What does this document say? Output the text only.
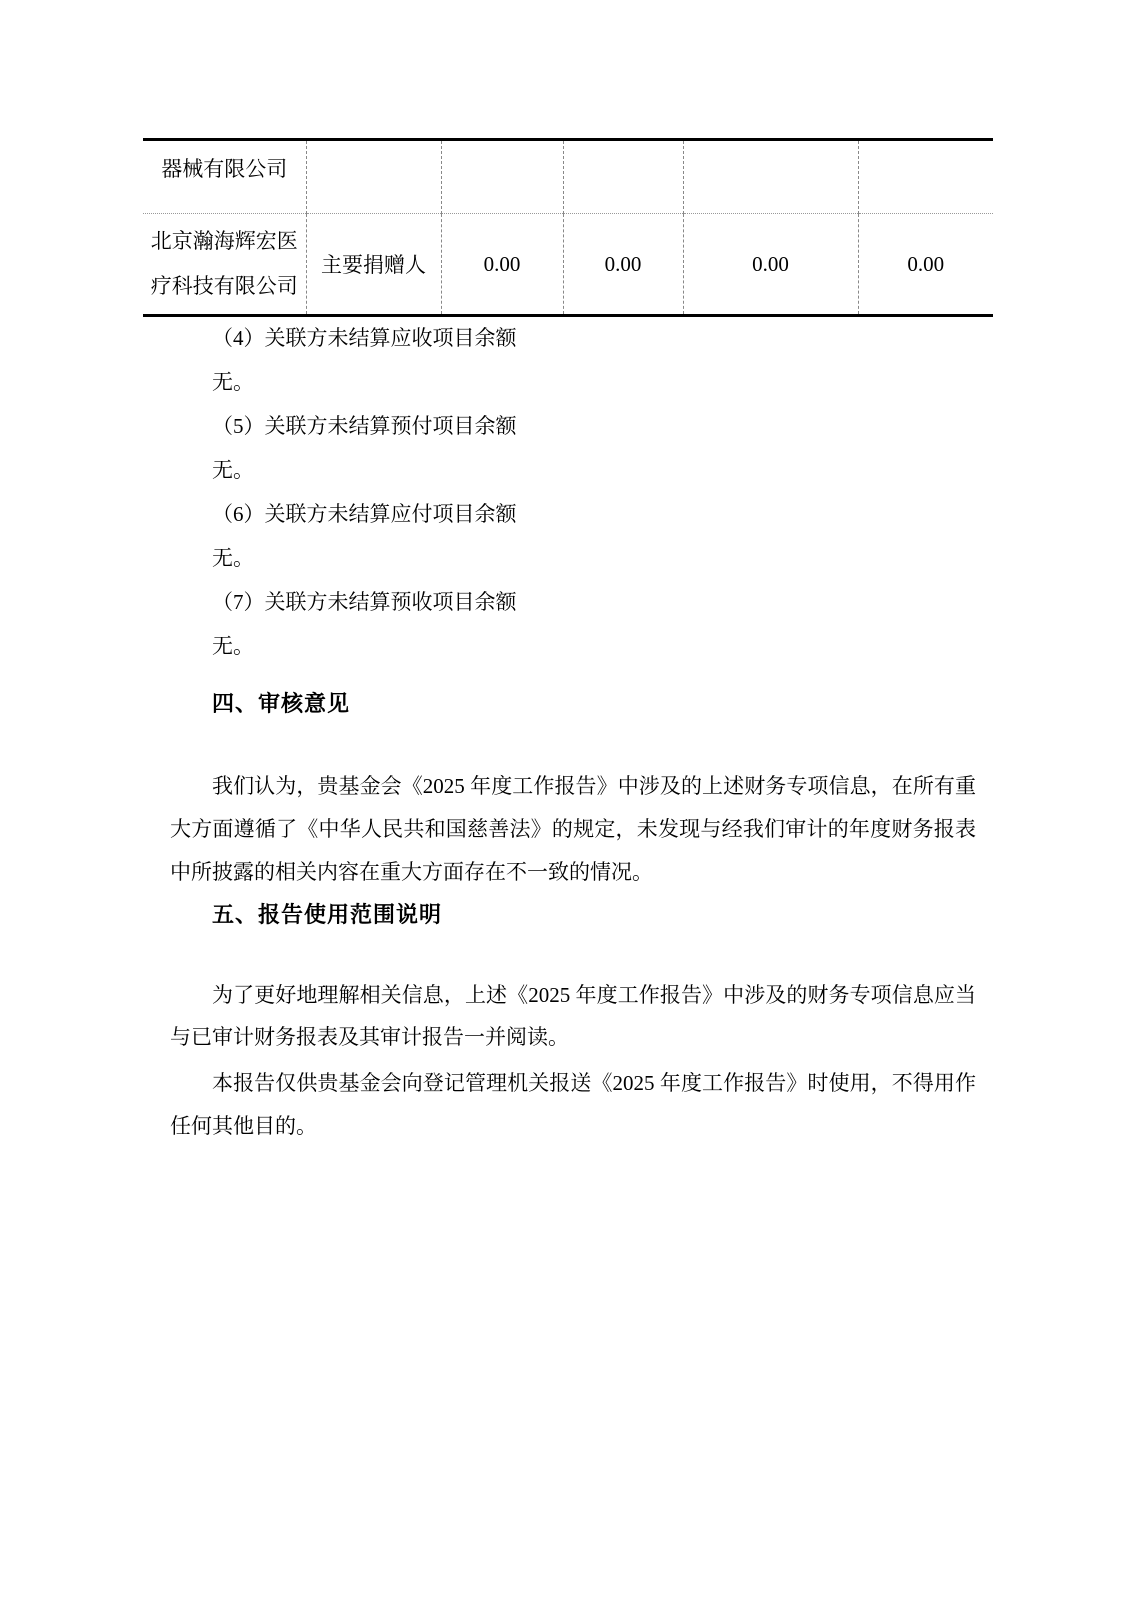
器械有限公司					

北京瀚海辉宏医
疗科技有限公司	主要捐赠人	0.00	0.00	0.00	0.00
（4）关联方未结算应收项目余额
无。
（5）关联方未结算预付项目余额
无。
（6）关联方未结算应付项目余额
无。
（7）关联方未结算预收项目余额
无。
四、审核意见

我们认为，贵基金会《2025 年度工作报告》中涉及的上述财务专项信息，在所有重大方面遵循了《中华人民共和国慈善法》的规定，未发现与经我们审计的年度财务报表中所披露的相关内容在重大方面存在不一致的情况。

五、报告使用范围说明

为了更好地理解相关信息，上述《2025 年度工作报告》中涉及的财务专项信息应当与已审计财务报表及其审计报告一并阅读。

本报告仅供贵基金会向登记管理机关报送《2025 年度工作报告》时使用，不得用作任何其他目的。
